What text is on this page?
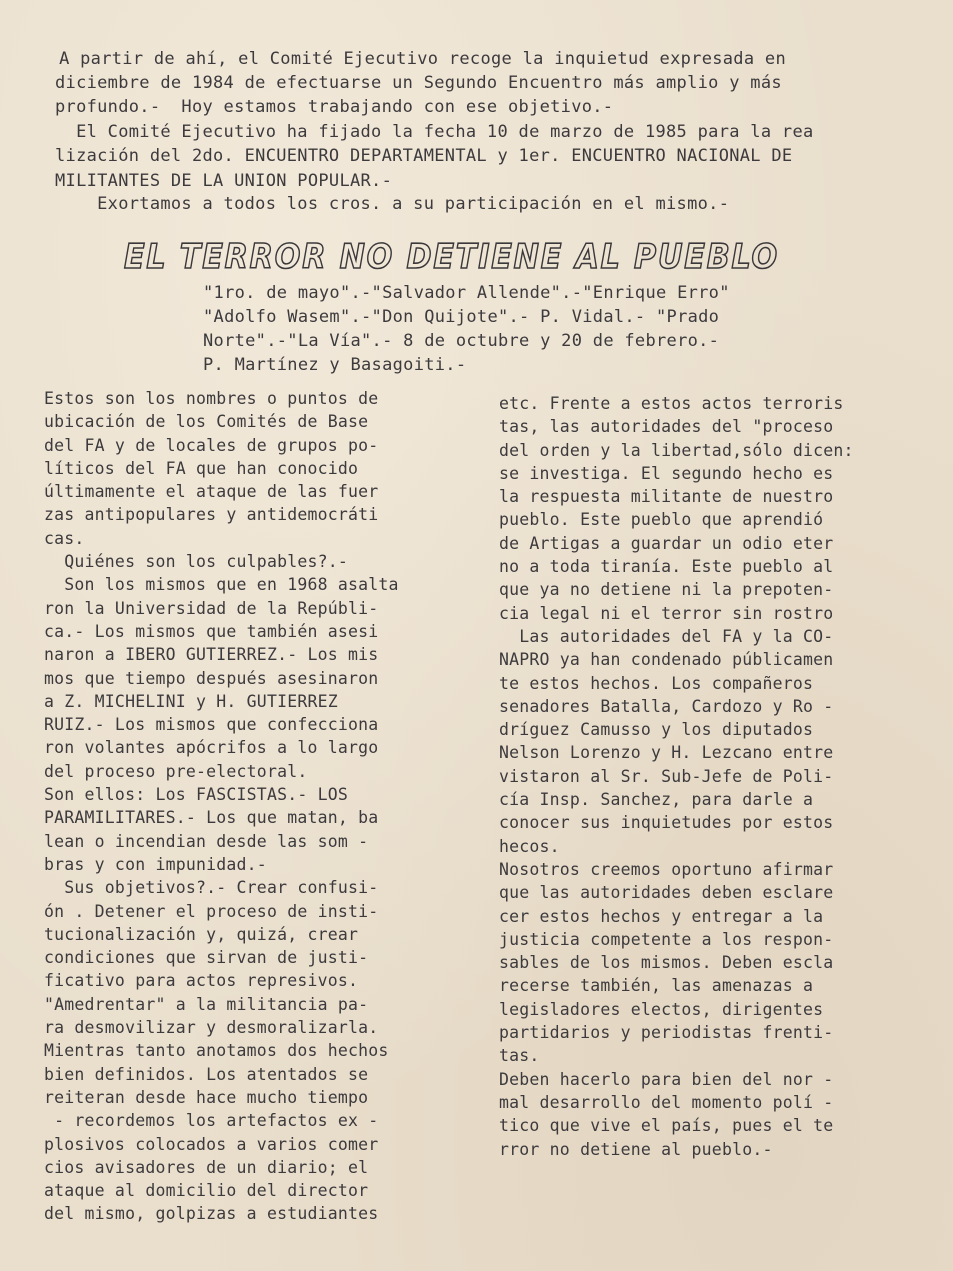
A partir de ahí, el Comité Ejecutivo recoge la inquietud expresada en
diciembre de 1984 de efectuarse un Segundo Encuentro más amplio y más
profundo.-  Hoy estamos trabajando con ese objetivo.-
El Comité Ejecutivo ha fijado la fecha 10 de marzo de 1985 para la rea
lización del 2do. ENCUENTRO DEPARTAMENTAL y 1er. ENCUENTRO NACIONAL DE
MILITANTES DE LA UNION POPULAR.-
Exortamos a todos los cros. a su participación en el mismo.-
EL TERROR NO DETIENE AL PUEBLO
"1ro. de mayo".-"Salvador Allende".-"Enrique Erro"
"Adolfo Wasem".-"Don Quijote".- P. Vidal.- "Prado
Norte".-"La Vía".- 8 de octubre y 20 de febrero.-
P. Martínez y Basagoiti.-
Estos son los nombres o puntos de
ubicación de los Comités de Base
del FA y de locales de grupos po-
líticos del FA que han conocido
últimamente el ataque de las fuer
zas antipopulares y antidemocráti
cas.
Quiénes son los culpables?.-
Son los mismos que en 1968 asalta
ron la Universidad de la Repúbli-
ca.- Los mismos que también asesi
naron a IBERO GUTIERREZ.- Los mis
mos que tiempo después asesinaron
a Z. MICHELINI y H. GUTIERREZ
RUIZ.- Los mismos que confecciona
ron volantes apócrifos a lo largo
del proceso pre-electoral.
Son ellos: Los FASCISTAS.- LOS
PARAMILITARES.- Los que matan, ba
lean o incendian desde las som -
bras y con impunidad.-
Sus objetivos?.- Crear confusi-
ón . Detener el proceso de insti-
tucionalización y, quizá, crear
condiciones que sirvan de justi-
ficativo para actos represivos.
"Amedrentar" a la militancia pa-
ra desmovilizar y desmoralizarla.
Mientras tanto anotamos dos hechos
bien definidos. Los atentados se
reiteran desde hace mucho tiempo
- recordemos los artefactos ex -
plosivos colocados a varios comer
cios avisadores de un diario; el
ataque al domicilio del director
del mismo, golpizas a estudiantes
etc. Frente a estos actos terroris
tas, las autoridades del "proceso
del orden y la libertad,sólo dicen:
se investiga. El segundo hecho es
la respuesta militante de nuestro
pueblo. Este pueblo que aprendió
de Artigas a guardar un odio eter
no a toda tiranía. Este pueblo al
que ya no detiene ni la prepoten-
cia legal ni el terror sin rostro
Las autoridades del FA y la CO-
NAPRO ya han condenado públicamen
te estos hechos. Los compañeros
senadores Batalla, Cardozo y Ro -
dríguez Camusso y los diputados
Nelson Lorenzo y H. Lezcano entre
vistaron al Sr. Sub-Jefe de Poli-
cía Insp. Sanchez, para darle a
conocer sus inquietudes por estos
hecos.
Nosotros creemos oportuno afirmar
que las autoridades deben esclare
cer estos hechos y entregar a la
justicia competente a los respon-
sables de los mismos. Deben escla
recerse también, las amenazas a
legisladores electos, dirigentes
partidarios y periodistas frenti-
tas.
Deben hacerlo para bien del nor -
mal desarrollo del momento polí -
tico que vive el país, pues el te
rror no detiene al pueblo.-
